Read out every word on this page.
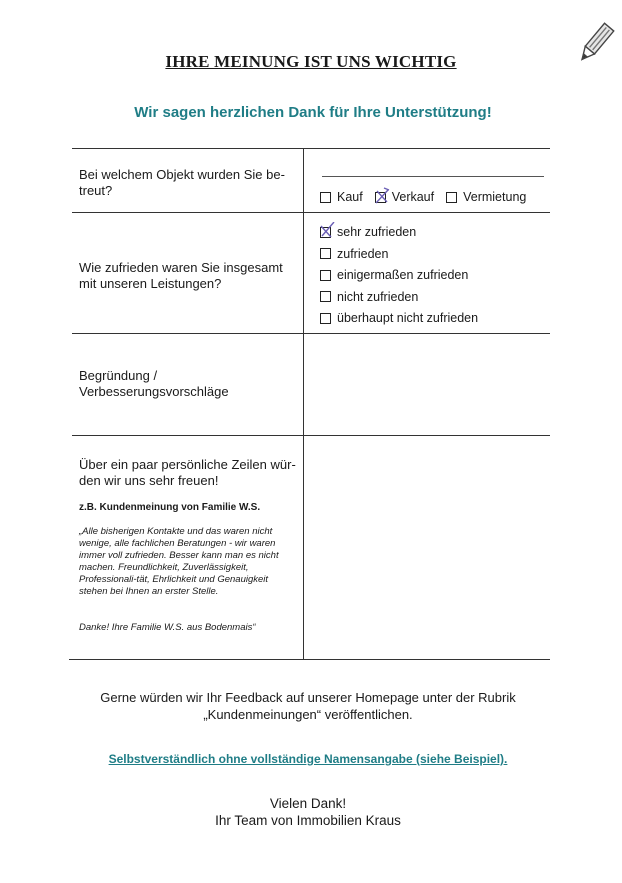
IHRE MEINUNG IST UNS WICHTIG
Wir sagen herzlichen Dank für Ihre Unterstützung!
Bei welchem Objekt wurden Sie be-treut?	Kauf Verkauf Vermietung
Wie zufrieden waren Sie insgesamt mit unseren Leistungen?
sehr zufrieden
zufrieden
einigermaßen zufrieden
nicht zufrieden
überhaupt nicht zufrieden
Begründung / Verbesserungsvorschläge
Über ein paar persönliche Zeilen wür-den wir uns sehr freuen!
z.B. Kundenmeinung von Familie W.S.
„Alle bisherigen Kontakte und das waren nicht wenige, alle fachlichen Beratungen - wir waren immer voll zufrieden. Besser kann man es nicht machen. Freundlichkeit, Zuverlässigkeit, Professionali-tät, Ehrlichkeit und Genauigkeit stehen bei Ihnen an erster Stelle.
Danke! Ihre Familie W.S. aus Bodenmais“
Gerne würden wir Ihr Feedback auf unserer Homepage unter der Rubrik
„Kundenmeinungen“ veröffentlichen.
Selbstverständlich ohne vollständige Namensangabe (siehe Beispiel).
Vielen Dank!
Ihr Team von Immobilien Kraus
